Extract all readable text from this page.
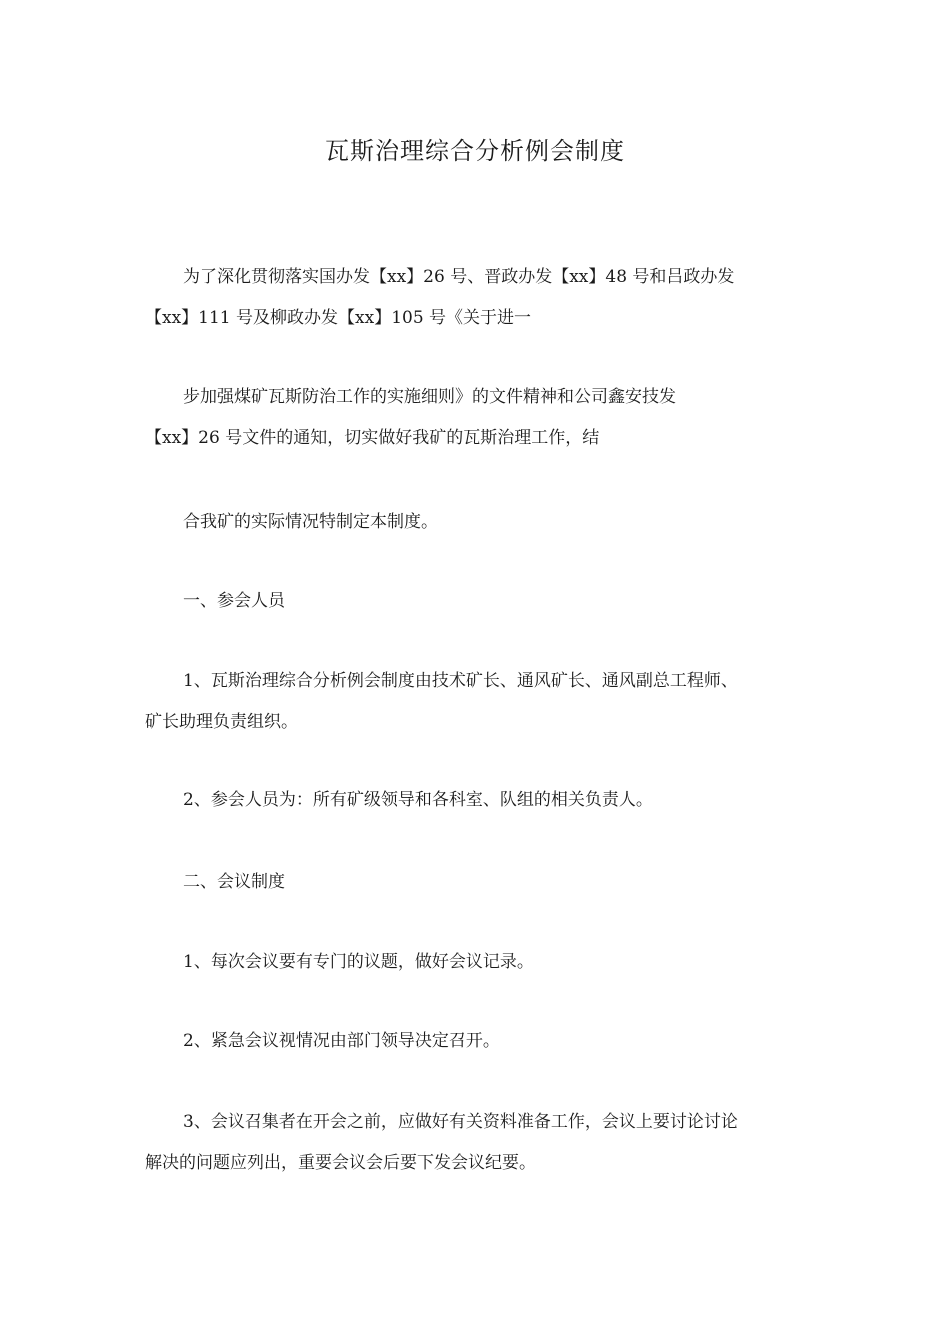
瓦斯治理综合分析例会制度

为了深化贯彻落实国办发【xx】26 号、晋政办发【xx】48 号和吕政办发
【xx】111 号及柳政办发【xx】105 号《关于进一

步加强煤矿瓦斯防治工作的实施细则》的文件精神和公司鑫安技发
【xx】26 号文件的通知，切实做好我矿的瓦斯治理工作，结

合我矿的实际情况特制定本制度。

一、参会人员

1、瓦斯治理综合分析例会制度由技术矿长、通风矿长、通风副总工程师、
矿长助理负责组织。

2、参会人员为：所有矿级领导和各科室、队组的相关负责人。

二、会议制度

1、每次会议要有专门的议题，做好会议记录。

2、紧急会议视情况由部门领导决定召开。

3、会议召集者在开会之前，应做好有关资料准备工作，会议上要讨论讨论
解决的问题应列出，重要会议会后要下发会议纪要。
